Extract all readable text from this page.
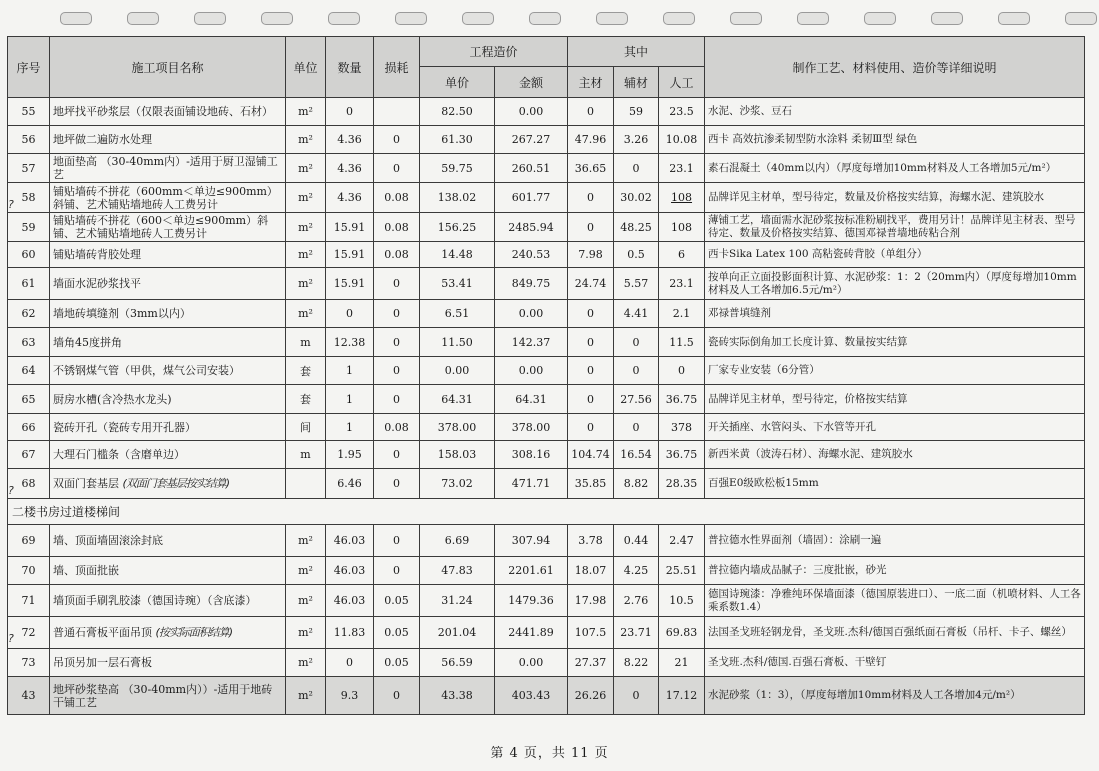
序号	施工项目名称	单位	数量	损耗	工程造价		其中			制作工艺、材料使用、造价等详细说明
					单价	金额	主材	辅材	人工	
55	地坪找平砂浆层（仅限表面铺设地砖、石材）	m²	0		82.50	0.00	0	59	23.5	水泥、沙浆、豆石
56	地坪做二遍防水处理	m²	4.36	0	61.30	267.27	47.96	3.26	10.08	西卡 高效抗渗柔韧型防水涂料 柔韧Ⅲ型 绿色
57	地面垫高 （30-40mm内）-适用于厨卫湿铺工艺	m²	4.36	0	59.75	260.51	36.65	0	23.1	素石混凝土（40mm以内）（厚度每增加10mm材料及人工各增加5元/m²）
58	铺贴墙砖不拼花（600mm＜单边≤900mm）斜铺、艺术铺贴墙地砖人工费另计	m²	4.36	0.08	138.02	601.77	0	30.02	108	品牌详见主材单，型号待定，数量及价格按实结算，海螺水泥、建筑胶水
59	铺贴墙砖不拼花（600＜单边≤900mm）斜铺、艺术铺贴墙地砖人工费另计	m²	15.91	0.08	156.25	2485.94	0	48.25	108	薄铺工艺，墙面需水泥砂浆按标准粉刷找平，费用另计！品牌详见主材表、型号待定、数量及价格按实结算、德国邓禄普墙地砖粘合剂
60	铺贴墙砖背胶处理	m²	15.91	0.08	14.48	240.53	7.98	0.5	6	西卡Sika Latex 100 高粘瓷砖背胶（单组分）
61	墙面水泥砂浆找平	m²	15.91	0	53.41	849.75	24.74	5.57	23.1	按单向正立面投影面积计算、水泥砂浆：1：2（20mm内）（厚度每增加10mm材料及人工各增加6.5元/m²）
62	墙地砖填缝剂（3mm以内）	m²	0	0	6.51	0.00	0	4.41	2.1	邓禄普填缝剂
63	墙角45度拼角	m	12.38	0	11.50	142.37	0	0	11.5	瓷砖实际倒角加工长度计算、数量按实结算
64	不锈钢煤气管（甲供，煤气公司安装）	套	1	0	0.00	0.00	0	0	0	厂家专业安装（6分管）
65	厨房水槽(含冷热水龙头)	套	1	0	64.31	64.31	0	27.56	36.75	品牌详见主材单，型号待定，价格按实结算
66	瓷砖开孔（瓷砖专用开孔器）	间	1	0.08	378.00	378.00	0	0	378	开关插座、水管闷头、下水管等开孔
67	大理石门槛条（含磨单边）	m	1.95	0	158.03	308.16	104.74	16.54	36.75	新西米黄（波涛石材）、海螺水泥、建筑胶水
68	双面门套基层 (双面门套基层按实结算)		6.46	0	73.02	471.71	35.85	8.82	28.35	百强E0级欧松板15mm
二楼书房过道楼梯间										
69	墙、顶面墙固滚涂封底	m²	46.03	0	6.69	307.94	3.78	0.44	2.47	普拉德水性界面剂（墙固）：涂刷一遍
70	墙、顶面批嵌	m²	46.03	0	47.83	2201.61	18.07	4.25	25.51	普拉德内墙成品腻子：三度批嵌，砂光
71	墙顶面手刷乳胶漆（德国诗琬）（含底漆）	m²	46.03	0.05	31.24	1479.36	17.98	2.76	10.5	德国诗琬漆：净雅纯环保墙面漆（德国原装进口）、一底二面（机喷材料、人工各乘系数1.4）
72	普通石膏板平面吊顶 (按实际面积结算)	m²	11.83	0.05	201.04	2441.89	107.5	23.71	69.83	法国圣戈班轻钢龙骨，圣戈班.杰科/德国百强纸面石膏板（吊杆、卡子、螺丝）
73	吊顶另加一层石膏板	m²	0	0.05	56.59	0.00	27.37	8.22	21	圣戈班.杰科/德国.百强石膏板、干壁钉
43	地坪砂浆垫高 （30-40mm内））-适用于地砖干铺工艺	m²	9.3	0	43.38	403.43	26.26	0	17.12	水泥砂浆（1：3），（厚度每增加10mm材料及人工各增加4元/m²）
?
?
?
第 4 页，共 11 页
